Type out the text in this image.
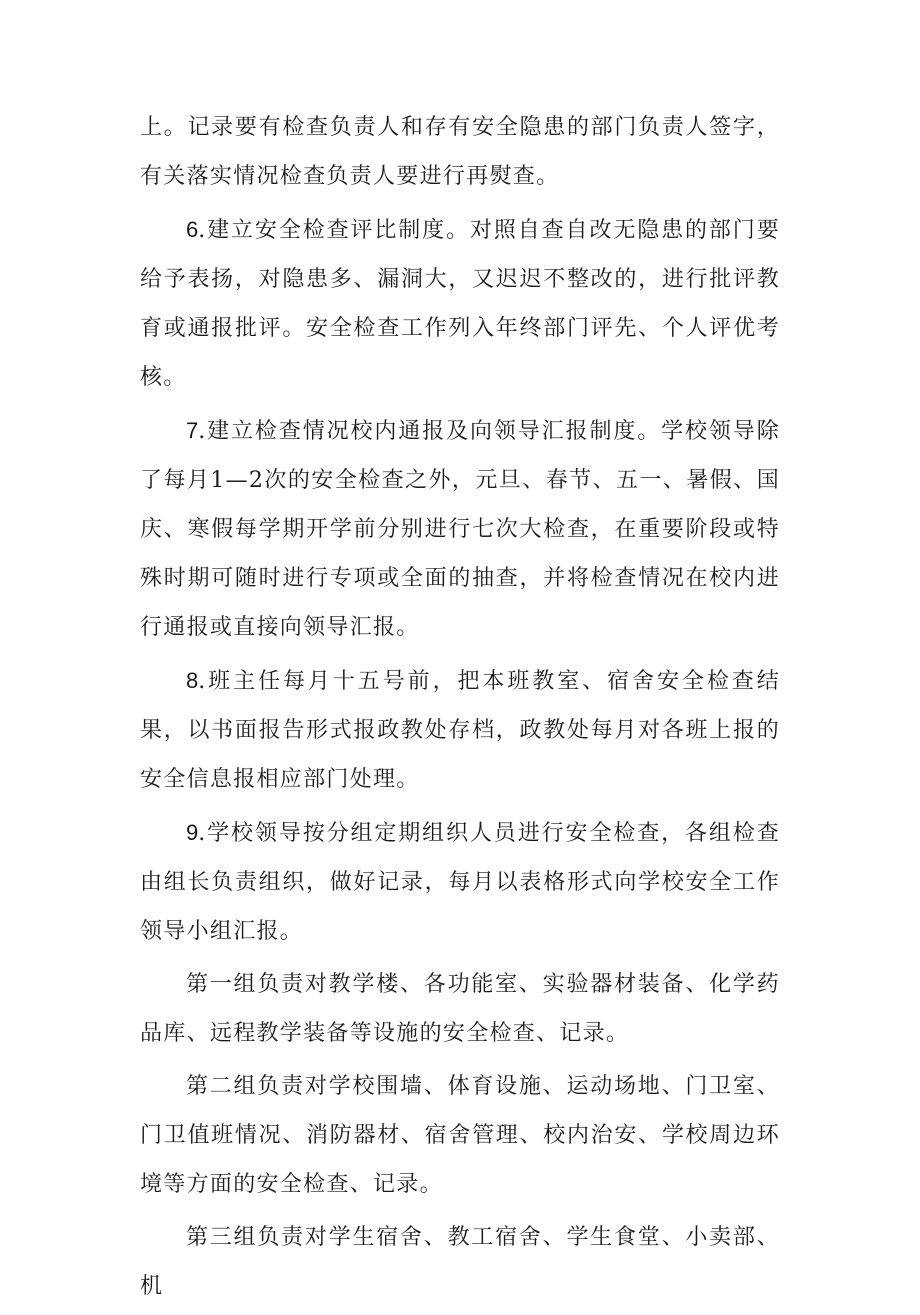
上。记录要有检查负责人和存有安全隐患的部门负责人签字，有关落实情况检查负责人要进行再熨查。

6.建立安全检查评比制度。对照自查自改无隐患的部门要给予表扬，对隐患多、漏洞大，又迟迟不整改的，进行批评教育或通报批评。安全检查工作列入年终部门评先、个人评优考核。

7.建立检查情况校内通报及向领导汇报制度。学校领导除了每月1—2次的安全检查之外，元旦、春节、五一、暑假、国庆、寒假每学期开学前分别进行七次大检查，在重要阶段或特殊时期可随时进行专项或全面的抽查，并将检查情况在校内进行通报或直接向领导汇报。

8.班主任每月十五号前，把本班教室、宿舍安全检查结果，以书面报告形式报政教处存档，政教处每月对各班上报的安全信息报相应部门处理。

9.学校领导按分组定期组织人员进行安全检查，各组检查由组长负责组织，做好记录，每月以表格形式向学校安全工作领导小组汇报。

第一组负责对教学楼、各功能室、实验器材装备、化学药品库、远程教学装备等设施的安全检查、记录。

第二组负责对学校围墙、体育设施、运动场地、门卫室、门卫值班情况、消防器材、宿舍管理、校内治安、学校周边环境等方面的安全检查、记录。

第三组负责对学生宿舍、教工宿舍、学生食堂、小卖部、机
